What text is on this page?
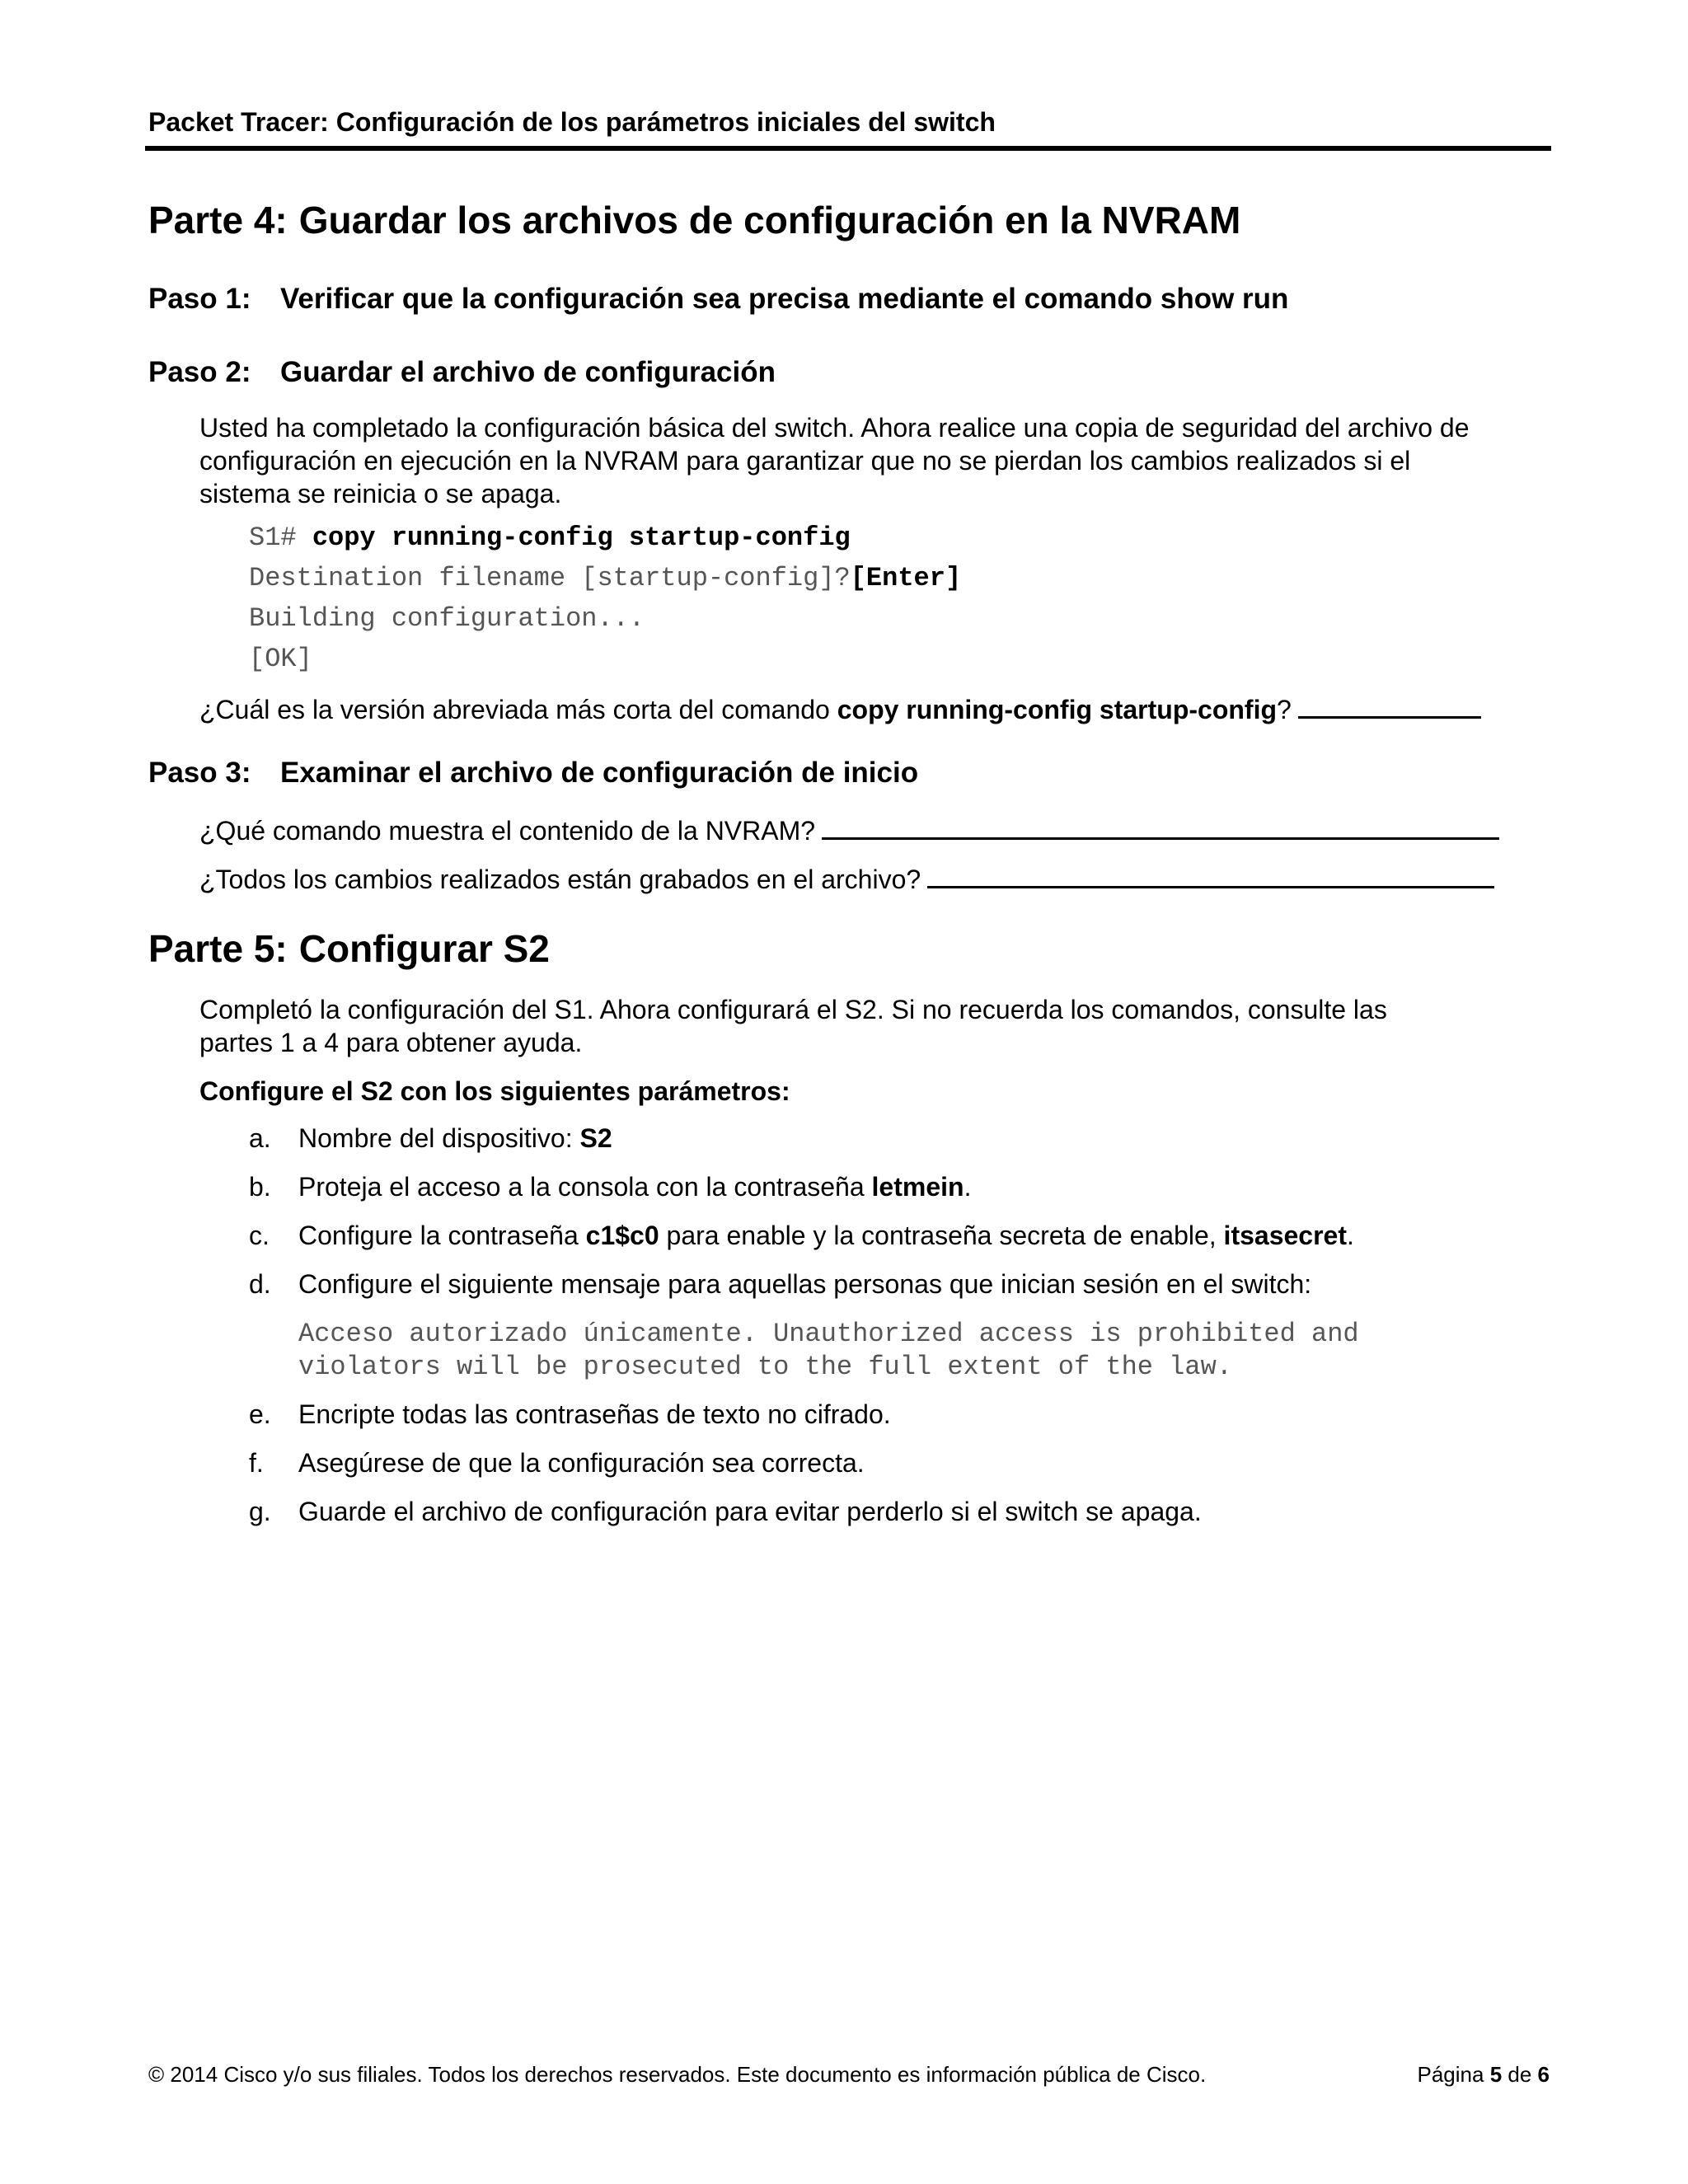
Packet Tracer: Configuración de los parámetros iniciales del switch
Parte 4: Guardar los archivos de configuración en la NVRAM
Paso 1: Verificar que la configuración sea precisa mediante el comando show run
Paso 2: Guardar el archivo de configuración
Usted ha completado la configuración básica del switch. Ahora realice una copia de seguridad del archivo de
configuración en ejecución en la NVRAM para garantizar que no se pierdan los cambios realizados si el
sistema se reinicia o se apaga.
S1# copy running-config startup-config
Destination filename [startup-config]?[Enter]
Building configuration...
[OK]
¿Cuál es la versión abreviada más corta del comando copy running-config startup-config?
Paso 3: Examinar el archivo de configuración de inicio
¿Qué comando muestra el contenido de la NVRAM?
¿Todos los cambios realizados están grabados en el archivo?
Parte 5: Configurar S2
Completó la configuración del S1. Ahora configurará el S2. Si no recuerda los comandos, consulte las
partes 1 a 4 para obtener ayuda.
Configure el S2 con los siguientes parámetros:
a. Nombre del dispositivo: S2
b. Proteja el acceso a la consola con la contraseña letmein.
c. Configure la contraseña c1$c0 para enable y la contraseña secreta de enable, itsasecret.
d. Configure el siguiente mensaje para aquellas personas que inician sesión en el switch:
Acceso autorizado únicamente. Unauthorized access is prohibited and
violators will be prosecuted to the full extent of the law.
e. Encripte todas las contraseñas de texto no cifrado.
f. Asegúrese de que la configuración sea correcta.
g. Guarde el archivo de configuración para evitar perderlo si el switch se apaga.
© 2014 Cisco y/o sus filiales. Todos los derechos reservados. Este documento es información pública de Cisco.	Página 5 de 6
